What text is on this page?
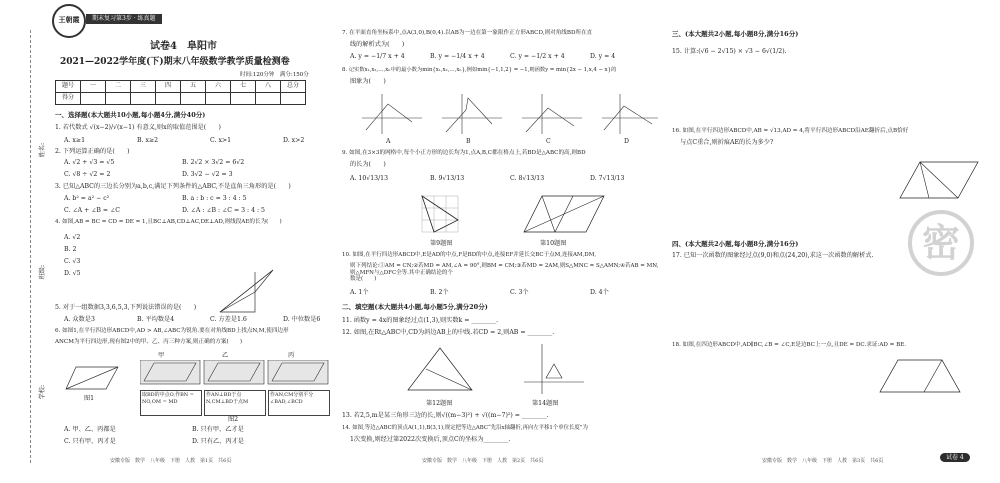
姓名:
班级:
学校:
王朝霞	期末复习第3步 · 练真题
试卷4　 阜阳市
2021—2022学年度(下)期末八年级数学教学质量检测卷
时间:120分钟　满分:150分
题号	一	二	三	四	五	六	七	八	总分
得分									
一、选择题(本大题共10小题,每小题4分,满分40分)
1. 若代数式 √(x−2)/√(x−1) 有意义,则x的取值范围是(　　)
A. x≥1	B. x≥2	C. x>1	D. x>2
2. 下列运算正确的是(　　)
A. √2 + √3 = √5	B. 2√2 × 3√2 = 6√2
C. √8 ÷ √2 = 2	D. 3√2 − √2 = 3
3. 已知△ABC的三边长分别为a,b,c,满足下列条件的△ABC,不是直角三角形的是(　　)
A. b² = a² − c²	B. a : b : c = 3 : 4 : 5
C. ∠A + ∠B = ∠C	D. ∠A : ∠B : ∠C = 3 : 4 : 5
4. 如图,AB = BC = CD = DE = 1,且BC⊥AB,CD⊥AC,DE⊥AD,则线段AE的长为(　　)
A. √2
B. 2
C. √3
D. √5
5. 对于一组数据3,3,6,5,3,下列说法错误的是(　　)
A. 众数是3	B. 平均数是4	C. 方差是1.6	D. 中位数是6
6. 如图1,在平行四边形ABCD中,AD > AB,∠ABC为锐角.要在对角线BD上找点N,M,使四边形
ANCM为平行四边形,现有图2中的甲、乙、丙三种方案,则正确的方案(　　)
图1
甲	乙	丙
取BD的中点O,作BN = NO,OM = MD
作AN⊥BD于点N,CM⊥BD于点M
作AN,CM分别平分∠BAD,∠BCD
图2
A. 甲、乙、丙都是	B. 只有甲、乙才是
C. 只有甲、丙才是	D. 只有乙、丙才是
安徽专版　数学　八年级　下册　人教　第1页　共6页
7. 在平面直角坐标系中,点A(3,0),B(0,4).以AB为一边在第一象限作正方形ABCD,则对角线BD所在直
线的解析式为(　　)
A. y = −1/7 x + 4	B. y = −1/4 x + 4	C. y = −1/2 x + 4	D. y = 4
8. 记实数x₁,x₂,…,xₙ中的最小数为min{x₁,x₂,…,xₙ},例如min{−1,1,2} = −1,则函数y = min{2x − 1,x,4 − x}的
图象为(　　)
A	B	C	D
9. 如图,在3×3的网格中,每个小正方形的边长均为1,点A,B,C都在格点上,若BD是△ABC的高,则BD
的长为(　　)
A. 10√13/13	B. 9√13/13	C. 8√13/13	D. 7√13/13
第9题图	第10题图
10. 如图,在平行四边形ABCD中,E是AD的中点,F是BD的中点,连接EF并延长交BC于点M,连接AM,DM,
则下列结论:①AM = CN;②若MD = AM,∠A = 90°,则BM = CM;③若MD = 2AM,则S△MNC = S△AMN;④若AB = MN,则△MFN与△DFC全等.其中正确结论的个
数是(　　)
A. 1个	B. 2个	C. 3个	D. 4个
二、填空题(本大题共4小题,每小题5分,满分20分)
11. 函数y = 4x的图象经过点(1,3),则实数k = ________.
12. 如图,在Rt△ABC中,CD为斜边AB上的中线.若CD = 2,则AB = ________.
第12题图	第14题图
13. 若2,5,m是某三角形三边的长,则√((m−3)²) + √((m−7)²) = ________.
14. 如图,等边△ABC的顶点A(1,1),B(3,1),规定把等边△ABC“先沿x轴翻折,再向左平移1个单位长度”为
1次变换,则经过第2022次变换后,顶点C的坐标为________.
安徽专版　数学　八年级　下册　人教　第2页　共6页
三、(本大题共2小题,每小题8分,满分16分)
15. 计算:(√6 − 2√15) × √3 − 6√(1/2).
16. 如图,在平行四边形ABCD中,AB = √13,AD = 4,将平行四边形ABCD沿AE翻折后,点B恰好
与点C重合,则折痕AE的长为多少?
密
四、(本大题共2小题,每小题8分,满分16分)
17. 已知一次函数的图象经过点(9,0)和点(24,20),求这一次函数的解析式.
18. 如图,在四边形ABCD中,AD∥BC,∠B = ∠C,E是边BC上一点,且DE = DC.求证:AD = BE.
安徽专版　数学　八年级　下册　人教　第3页　共6页	试卷 4
